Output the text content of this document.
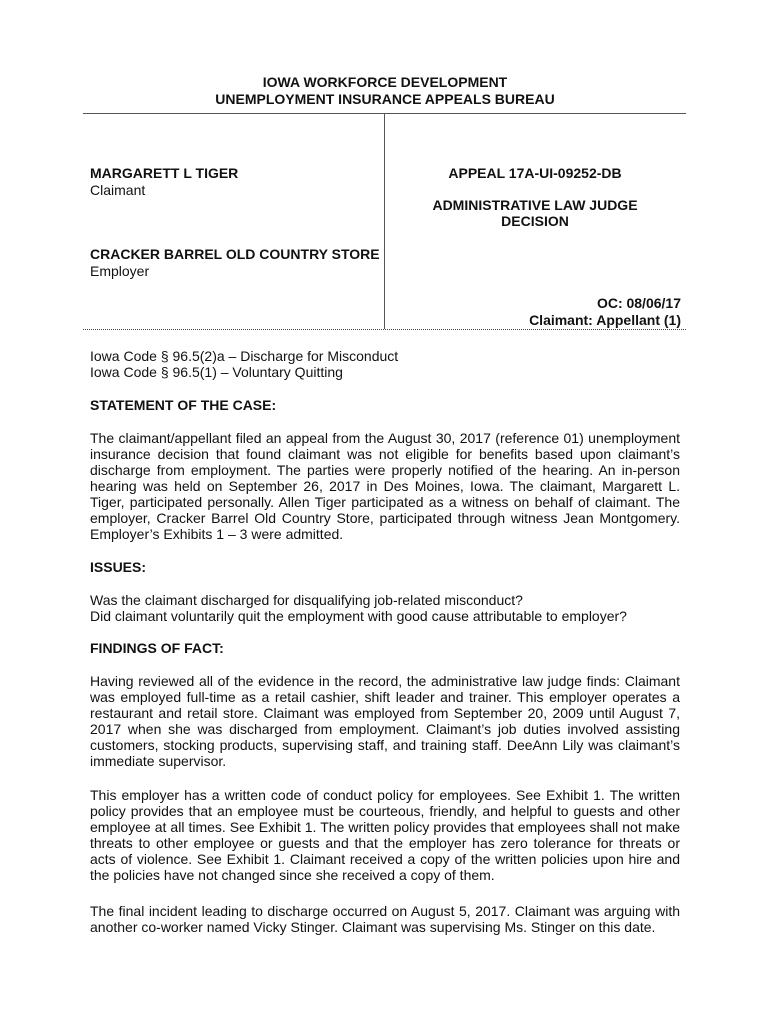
IOWA WORKFORCE DEVELOPMENT
UNEMPLOYMENT INSURANCE APPEALS BUREAU
MARGARETT L TIGER
Claimant
CRACKER BARREL OLD COUNTRY STORE
Employer
APPEAL 17A-UI-09252-DB
ADMINISTRATIVE LAW JUDGE
DECISION
OC: 08/06/17
Claimant: Appellant (1)
Iowa Code § 96.5(2)a – Discharge for Misconduct
Iowa Code § 96.5(1) – Voluntary Quitting
STATEMENT OF THE CASE:

The claimant/appellant filed an appeal from the August 30, 2017 (reference 01) unemployment insurance decision that found claimant was not eligible for benefits based upon claimant’s discharge from employment. The parties were properly notified of the hearing. An in-person hearing was held on September 26, 2017 in Des Moines, Iowa. The claimant, Margarett L. Tiger, participated personally. Allen Tiger participated as a witness on behalf of claimant. The employer, Cracker Barrel Old Country Store, participated through witness Jean Montgomery. Employer’s Exhibits 1 – 3 were admitted.

ISSUES:
Was the claimant discharged for disqualifying job-related misconduct?
Did claimant voluntarily quit the employment with good cause attributable to employer?
FINDINGS OF FACT:

Having reviewed all of the evidence in the record, the administrative law judge finds: Claimant was employed full-time as a retail cashier, shift leader and trainer. This employer operates a restaurant and retail store. Claimant was employed from September 20, 2009 until August 7, 2017 when she was discharged from employment. Claimant’s job duties involved assisting customers, stocking products, supervising staff, and training staff. DeeAnn Lily was claimant’s immediate supervisor.

This employer has a written code of conduct policy for employees. See Exhibit 1. The written policy provides that an employee must be courteous, friendly, and helpful to guests and other employee at all times. See Exhibit 1. The written policy provides that employees shall not make threats to other employee or guests and that the employer has zero tolerance for threats or acts of violence. See Exhibit 1. Claimant received a copy of the written policies upon hire and the policies have not changed since she received a copy of them.

The final incident leading to discharge occurred on August 5, 2017. Claimant was arguing with another co-worker named Vicky Stinger. Claimant was supervising Ms. Stinger on this date.
